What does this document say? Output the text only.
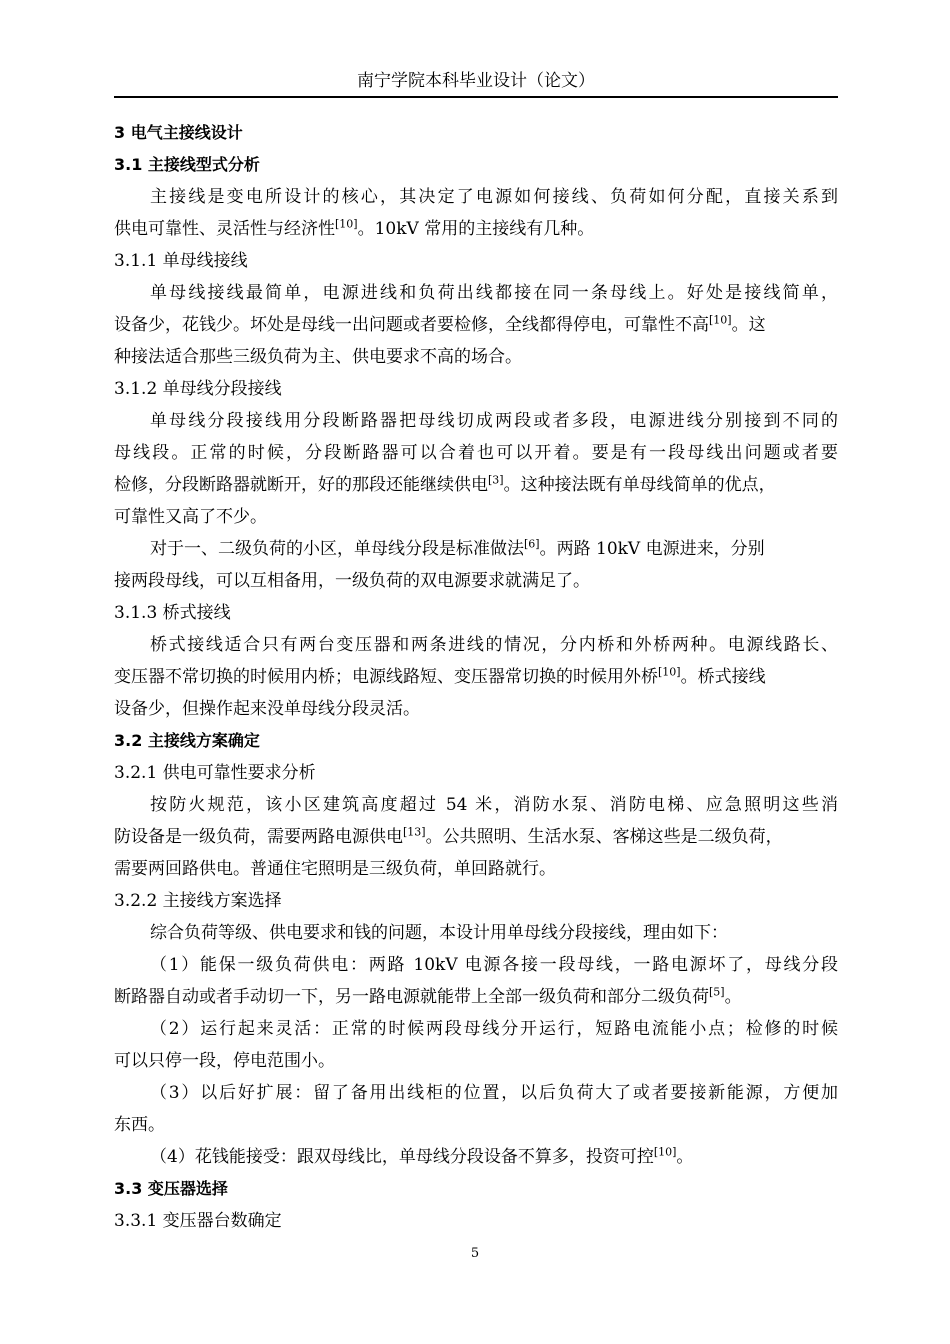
南宁学院本科毕业设计（论文）
3 电气主接线设计
3.1 主接线型式分析
主接线是变电所设计的核心，其决定了电源如何接线、负荷如何分配，直接关系到
供电可靠性、灵活性与经济性[10]。10kV 常用的主接线有几种。
3.1.1 单母线接线
单母线接线最简单，电源进线和负荷出线都接在同一条母线上。好处是接线简单，
设备少，花钱少。坏处是母线一出问题或者要检修，全线都得停电，可靠性不高[10]。这
种接法适合那些三级负荷为主、供电要求不高的场合。
3.1.2 单母线分段接线
单母线分段接线用分段断路器把母线切成两段或者多段，电源进线分别接到不同的
母线段。正常的时候，分段断路器可以合着也可以开着。要是有一段母线出问题或者要
检修，分段断路器就断开，好的那段还能继续供电[3]。这种接法既有单母线简单的优点，
可靠性又高了不少。
对于一、二级负荷的小区，单母线分段是标准做法[6]。两路 10kV 电源进来，分别
接两段母线，可以互相备用，一级负荷的双电源要求就满足了。
3.1.3 桥式接线
桥式接线适合只有两台变压器和两条进线的情况，分内桥和外桥两种。电源线路长、
变压器不常切换的时候用内桥；电源线路短、变压器常切换的时候用外桥[10]。桥式接线
设备少，但操作起来没单母线分段灵活。
3.2 主接线方案确定
3.2.1 供电可靠性要求分析
按防火规范，该小区建筑高度超过 54 米，消防水泵、消防电梯、应急照明这些消
防设备是一级负荷，需要两路电源供电[13]。公共照明、生活水泵、客梯这些是二级负荷，
需要两回路供电。普通住宅照明是三级负荷，单回路就行。
3.2.2 主接线方案选择
综合负荷等级、供电要求和钱的问题，本设计用单母线分段接线，理由如下：
（1）能保一级负荷供电：两路 10kV 电源各接一段母线，一路电源坏了，母线分段
断路器自动或者手动切一下，另一路电源就能带上全部一级负荷和部分二级负荷[5]。
（2）运行起来灵活：正常的时候两段母线分开运行，短路电流能小点；检修的时候
可以只停一段，停电范围小。
（3）以后好扩展：留了备用出线柜的位置，以后负荷大了或者要接新能源，方便加
东西。
（4）花钱能接受：跟双母线比，单母线分段设备不算多，投资可控[10]。
3.3 变压器选择
3.3.1 变压器台数确定
5
